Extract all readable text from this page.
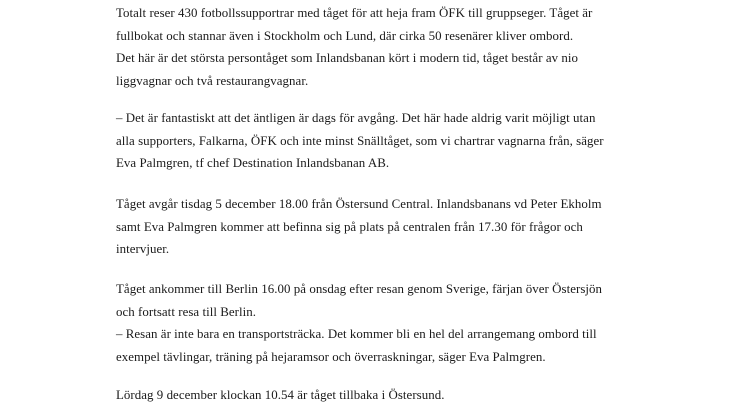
Totalt reser 430 fotbollssupportrar med tåget för att heja fram ÖFK till gruppseger. Tåget är
fullbokat och stannar även i Stockholm och Lund, där cirka 50 resenärer kliver ombord.
Det här är det största persontåget som Inlandsbanan kört i modern tid, tåget består av nio
liggvagnar och två restaurangvagnar.

– Det är fantastiskt att det äntligen är dags för avgång. Det här hade aldrig varit möjligt utan
alla supporters, Falkarna, ÖFK och inte minst Snälltåget, som vi chartrar vagnarna från, säger
Eva Palmgren, tf chef Destination Inlandsbanan AB.

Tåget avgår tisdag 5 december 18.00 från Östersund Central. Inlandsbanans vd Peter Ekholm
samt Eva Palmgren kommer att befinna sig på plats på centralen från 17.30 för frågor och
intervjuer.

Tåget ankommer till Berlin 16.00 på onsdag efter resan genom Sverige, färjan över Östersjön
och fortsatt resa till Berlin.
– Resan är inte bara en transportsträcka. Det kommer bli en hel del arrangemang ombord till
exempel tävlingar, träning på hejaramsor och överraskningar, säger Eva Palmgren.

Lördag 9 december klockan 10.54 är tåget tillbaka i Östersund.
